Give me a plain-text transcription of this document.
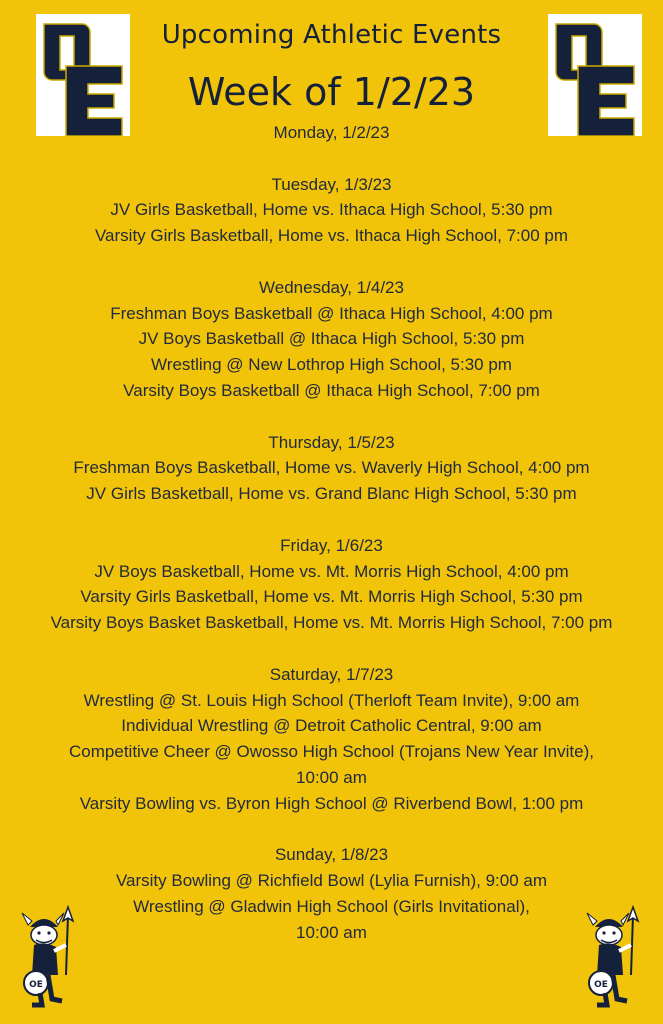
Upcoming Athletic Events
Week of 1/2/23
Monday, 1/2/23
Tuesday, 1/3/23
JV Girls Basketball, Home vs. Ithaca High School, 5:30 pm
Varsity Girls Basketball, Home vs. Ithaca High School, 7:00 pm
Wednesday, 1/4/23
Freshman Boys Basketball @ Ithaca High School, 4:00 pm
JV Boys Basketball @ Ithaca High School, 5:30 pm
Wrestling @ New Lothrop High School, 5:30 pm
Varsity Boys Basketball @ Ithaca High School, 7:00 pm
Thursday, 1/5/23
Freshman Boys Basketball, Home vs. Waverly High School, 4:00 pm
JV Girls Basketball, Home vs. Grand Blanc High School, 5:30 pm
Friday, 1/6/23
JV Boys Basketball, Home vs. Mt. Morris High School, 4:00 pm
Varsity Girls Basketball, Home vs. Mt. Morris High School, 5:30 pm
Varsity Boys Basket Basketball, Home vs. Mt. Morris High School, 7:00 pm
Saturday, 1/7/23
Wrestling @ St. Louis High School (Therloft Team Invite), 9:00 am
Individual Wrestling @ Detroit Catholic Central, 9:00 am
Competitive Cheer @ Owosso High School (Trojans New Year Invite),
10:00 am
Varsity Bowling vs. Byron High School @ Riverbend Bowl, 1:00 pm
Sunday, 1/8/23
Varsity Bowling @ Richfield Bowl (Lylia Furnish), 9:00 am
Wrestling @ Gladwin High School (Girls Invitational),
10:00 am
OE	OE
